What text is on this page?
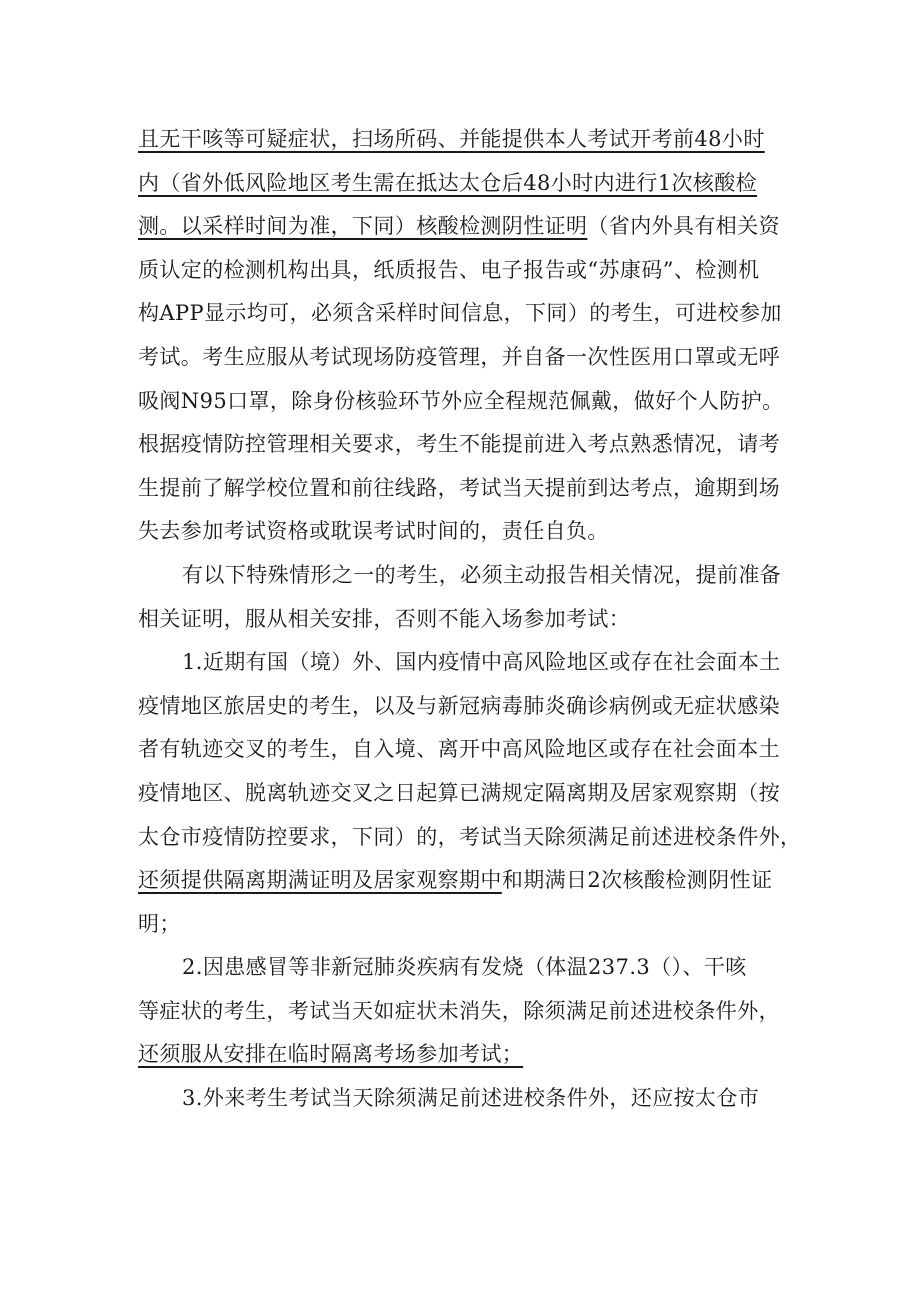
且无干咳等可疑症状，扫场所码、并能提供本人考试开考前48小时
内（省外低风险地区考生需在抵达太仓后48小时内进行1次核酸检
测。以采样时间为准，下同）核酸检测阴性证明（省内外具有相关资
质认定的检测机构出具，纸质报告、电子报告或“苏康码”、检测机
构APP显示均可，必须含采样时间信息，下同）的考生，可进校参加
考试。考生应服从考试现场防疫管理，并自备一次性医用口罩或无呼
吸阀N95口罩，除身份核验环节外应全程规范佩戴，做好个人防护。
根据疫情防控管理相关要求，考生不能提前进入考点熟悉情况，请考
生提前了解学校位置和前往线路，考试当天提前到达考点，逾期到场
失去参加考试资格或耽误考试时间的，责任自负。
有以下特殊情形之一的考生，必须主动报告相关情况，提前准备
相关证明，服从相关安排，否则不能入场参加考试：
1.近期有国（境）外、国内疫情中高风险地区或存在社会面本土
疫情地区旅居史的考生，以及与新冠病毒肺炎确诊病例或无症状感染
者有轨迹交叉的考生，自入境、离开中高风险地区或存在社会面本土
疫情地区、脱离轨迹交叉之日起算已满规定隔离期及居家观察期（按
太仓市疫情防控要求，下同）的，考试当天除须满足前述进校条件外，
还须提供隔离期满证明及居家观察期中和期满日2次核酸检测阴性证
明；
2.因患感冒等非新冠肺炎疾病有发烧（体温237.3（）、干咳
等症状的考生，考试当天如症状未消失，除须满足前述进校条件外，
还须服从安排在临时隔离考场参加考试；
3.外来考生考试当天除须满足前述进校条件外，还应按太仓市
